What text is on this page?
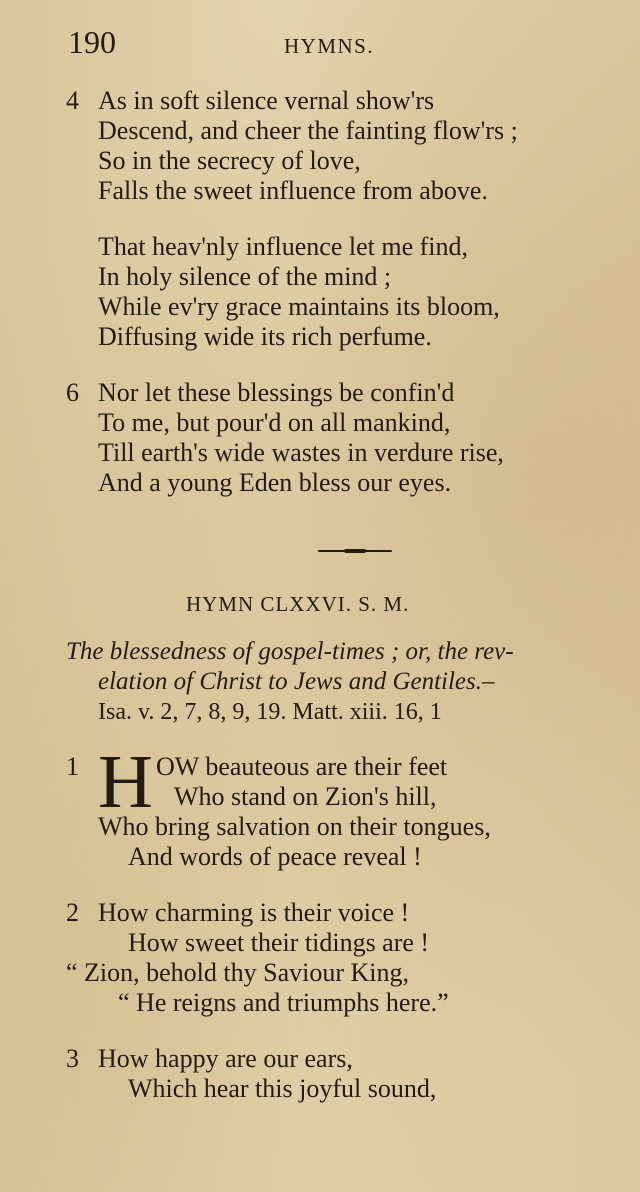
190	HYMNS.
4 As in soft silence vernal show'rs
Descend, and cheer the fainting flow'rs ;
So in the secrecy of love,
Falls the sweet influence from above.
That heav'nly influence let me find,
In holy silence of the mind ;
While ev'ry grace maintains its bloom,
Diffusing wide its rich perfume.
6 Nor let these blessings be confin'd
To me, but pour'd on all mankind,
Till earth's wide wastes in verdure rise,
And a young Eden bless our eyes.
HYMN CLXXVI. S. M.
The blessedness of gospel-times ; or, the rev-
elation of Christ to Jews and Gentiles.–
Isa. v. 2, 7, 8, 9, 19. Matt. xiii. 16, 1
1 H OW beauteous are their feet
Who stand on Zion's hill,
Who bring salvation on their tongues,
And words of peace reveal !
2 How charming is their voice !
How sweet their tidings are !
“ Zion, behold thy Saviour King,
“ He reigns and triumphs here.”
3 How happy are our ears,
Which hear this joyful sound,
